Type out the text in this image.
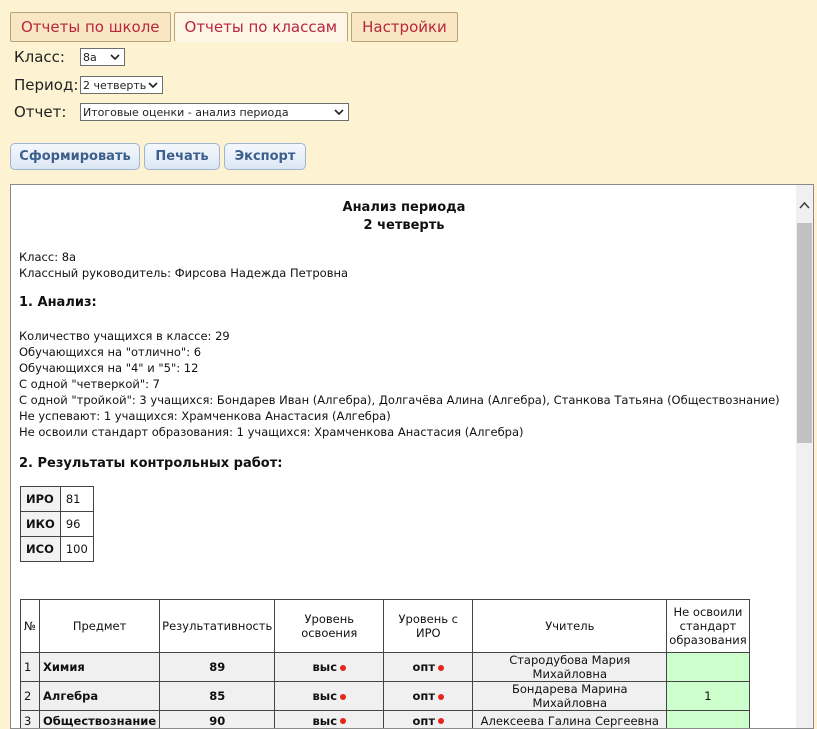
Отчеты по школе	Отчеты по классам	Настройки
Класс:	8а
Период: 2 четверть
Отчет:	Итоговые оценки - анализ периода
Сформировать	Печать	Экспорт
Анализ периода
2 четверть
Класс: 8а
Классный руководитель: Фирсова Надежда Петровна
1. Анализ:
Количество учащихся в классе: 29
Обучающихся на "отлично": 6
Обучающихся на "4" и "5": 12
С одной "четверкой": 7
С одной "тройкой": 3 учащихся: Бондарев Иван (Алгебра), Долгачёва Алина (Алгебра), Станкова Татьяна (Обществознание)
Не успевают: 1 учащихся: Храмченкова Анастасия (Алгебра)
Не освоили стандарт образования: 1 учащихся: Храмченкова Анастасия (Алгебра)
2. Результаты контрольных работ:
ИРО	81
ИКО	96
ИСО	100
№	Предмет	Результативность	Уровень освоения	Уровень с ИРО	Учитель	Не освоили стандарт образования
1	Химия	89	выс	опт	Стародубова Мария Михайловна	
2	Алгебра	85	выс	опт	Бондарева Марина Михайловна	1
3	Обществознание	90	выс	опт	Алексеева Галина Сергеевна	
